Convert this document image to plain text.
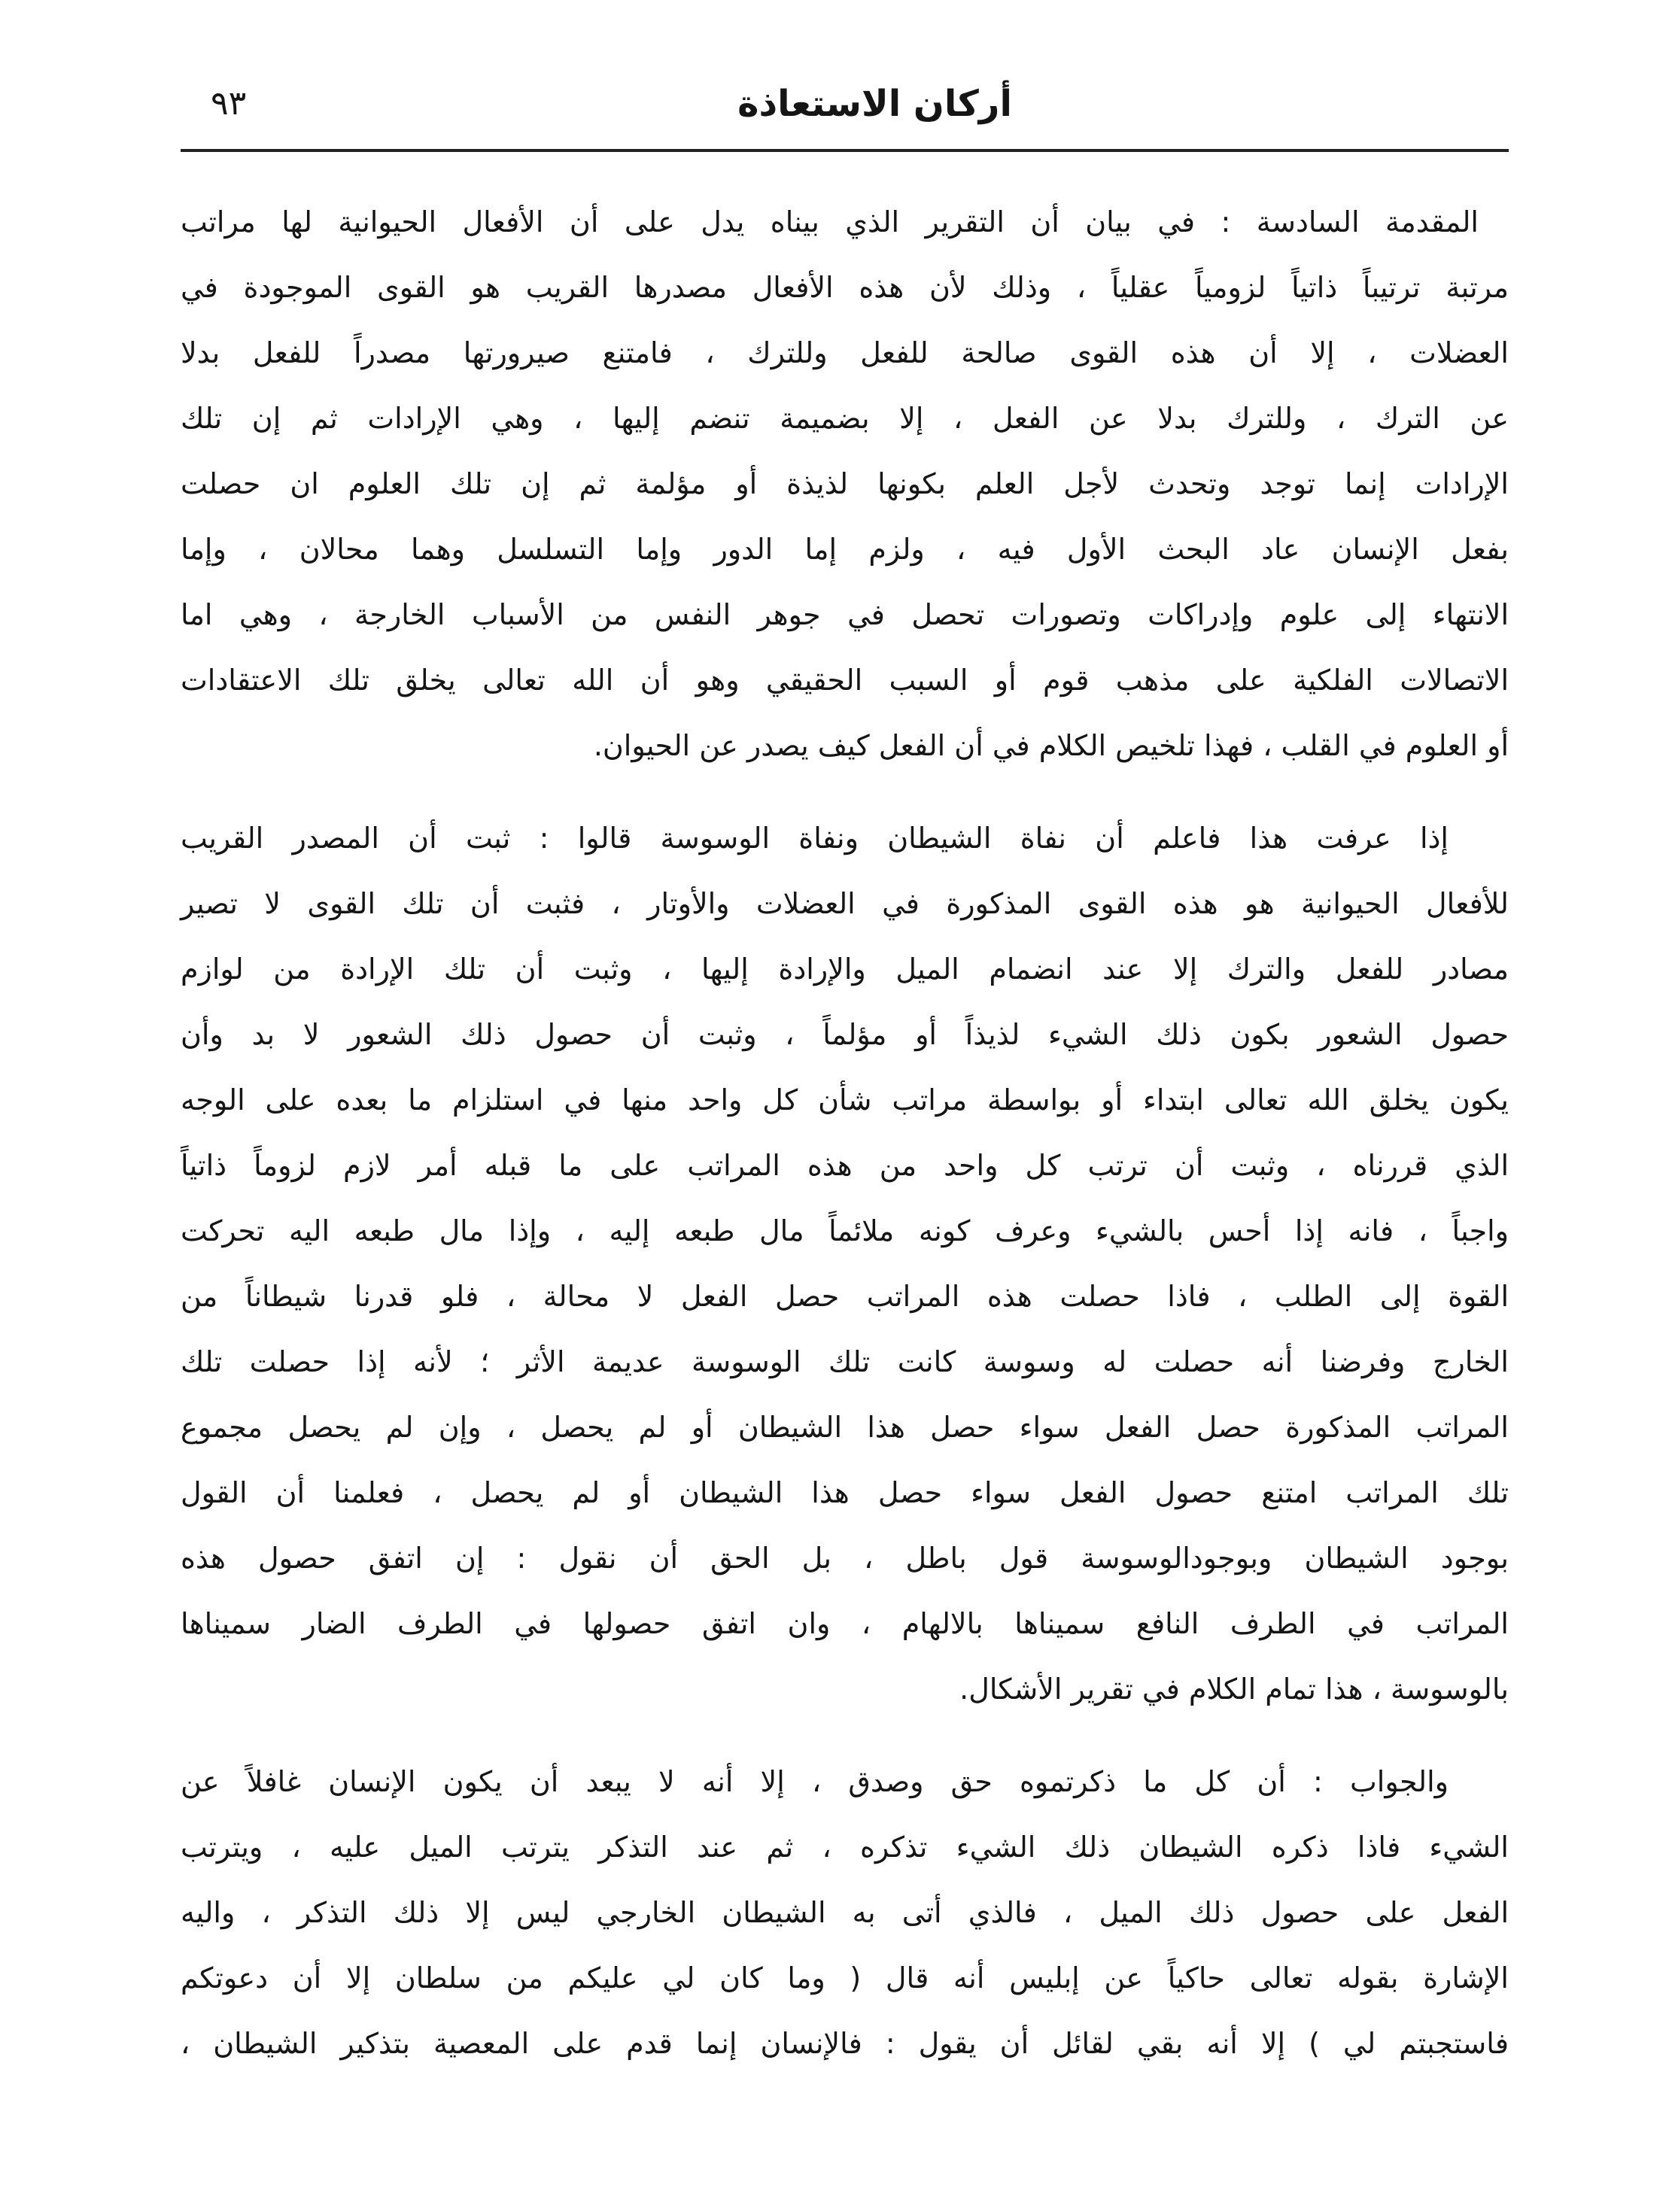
أركان الاستعاذة
٩٣
المقدمة السادسة : في بيان أن التقرير الذي بيناه يدل على أن الأفعال الحيوانية لها مراتب
مرتبة ترتيباً ذاتياً لزومياً عقلياً ، وذلك لأن هذه الأفعال مصدرها القريب هو القوى الموجودة في
العضلات ، إلا أن هذه القوى صالحة للفعل وللترك ، فامتنع صيرورتها مصدراً للفعل بدلا
عن الترك ، وللترك بدلا عن الفعل ، إلا بضميمة تنضم إليها ، وهي الإرادات ثم إن تلك
الإرادات إنما توجد وتحدث لأجل العلم بكونها لذيذة أو مؤلمة ثم إن تلك العلوم ان حصلت
بفعل الإنسان عاد البحث الأول فيه ، ولزم إما الدور وإما التسلسل وهما محالان ، وإما
الانتهاء إلى علوم وإدراكات وتصورات تحصل في جوهر النفس من الأسباب الخارجة ، وهي اما
الاتصالات الفلكية على مذهب قوم أو السبب الحقيقي وهو أن الله تعالى يخلق تلك الاعتقادات
أو العلوم في القلب ، فهذا تلخيص الكلام في أن الفعل كيف يصدر عن الحيوان.
إذا عرفت هذا فاعلم أن نفاة الشيطان ونفاة الوسوسة قالوا : ثبت أن المصدر القريب
للأفعال الحيوانية هو هذه القوى المذكورة في العضلات والأوتار ، فثبت أن تلك القوى لا تصير
مصادر للفعل والترك إلا عند انضمام الميل والإرادة إليها ، وثبت أن تلك الإرادة من لوازم
حصول الشعور بكون ذلك الشيء لذيذاً أو مؤلماً ، وثبت أن حصول ذلك الشعور لا بد وأن
يكون يخلق الله تعالى ابتداء أو بواسطة مراتب شأن كل واحد منها في استلزام ما بعده على الوجه
الذي قررناه ، وثبت أن ترتب كل واحد من هذه المراتب على ما قبله أمر لازم لزوماً ذاتياً
واجباً ، فانه إذا أحس بالشيء وعرف كونه ملائماً مال طبعه إليه ، وإذا مال طبعه اليه تحركت
القوة إلى الطلب ، فاذا حصلت هذه المراتب حصل الفعل لا محالة ، فلو قدرنا شيطاناً من
الخارج وفرضنا أنه حصلت له وسوسة كانت تلك الوسوسة عديمة الأثر ؛ لأنه إذا حصلت تلك
المراتب المذكورة حصل الفعل سواء حصل هذا الشيطان أو لم يحصل ، وإن لم يحصل مجموع
تلك المراتب امتنع حصول الفعل سواء حصل هذا الشيطان أو لم يحصل ، فعلمنا أن القول
بوجود الشيطان وبوجودالوسوسة قول باطل ، بل الحق أن نقول : إن اتفق حصول هذه
المراتب في الطرف النافع سميناها بالالهام ، وان اتفق حصولها في الطرف الضار سميناها
بالوسوسة ، هذا تمام الكلام في تقرير الأشكال.
والجواب : أن كل ما ذكرتموه حق وصدق ، إلا أنه لا يبعد أن يكون الإنسان غافلاً عن
الشيء فاذا ذكره الشيطان ذلك الشيء تذكره ، ثم عند التذكر يترتب الميل عليه ، ويترتب
الفعل على حصول ذلك الميل ، فالذي أتى به الشيطان الخارجي ليس إلا ذلك التذكر ، واليه
الإشارة بقوله تعالى حاكياً عن إبليس أنه قال ( وما كان لي عليكم من سلطان إلا أن دعوتكم
فاستجبتم لي ) إلا أنه بقي لقائل أن يقول : فالإنسان إنما قدم على المعصية بتذكير الشيطان ،
